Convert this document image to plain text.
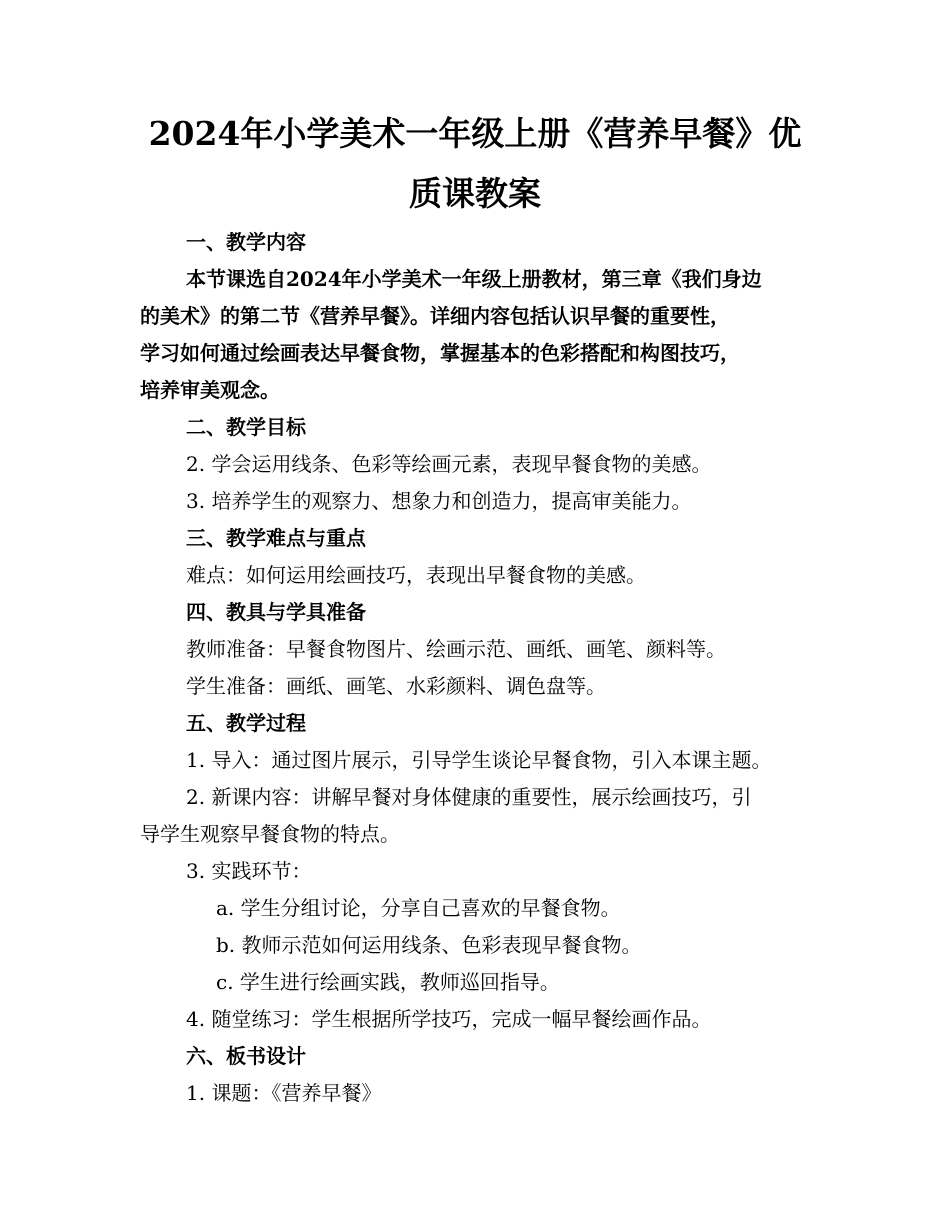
2024年小学美术一年级上册《营养早餐》优
质课教案
一、教学内容
本节课选自2024年小学美术一年级上册教材，第三章《我们身边
的美术》的第二节《营养早餐》。详细内容包括认识早餐的重要性，
学习如何通过绘画表达早餐食物，掌握基本的色彩搭配和构图技巧，
培养审美观念。
二、教学目标
2. 学会运用线条、色彩等绘画元素，表现早餐食物的美感。
3. 培养学生的观察力、想象力和创造力，提高审美能力。
三、教学难点与重点
难点：如何运用绘画技巧，表现出早餐食物的美感。
四、教具与学具准备
教师准备：早餐食物图片、绘画示范、画纸、画笔、颜料等。
学生准备：画纸、画笔、水彩颜料、调色盘等。
五、教学过程
1. 导入：通过图片展示，引导学生谈论早餐食物，引入本课主题。
2. 新课内容：讲解早餐对身体健康的重要性，展示绘画技巧，引
导学生观察早餐食物的特点。
3. 实践环节：
a. 学生分组讨论，分享自己喜欢的早餐食物。
b. 教师示范如何运用线条、色彩表现早餐食物。
c. 学生进行绘画实践，教师巡回指导。
4. 随堂练习：学生根据所学技巧，完成一幅早餐绘画作品。
六、板书设计
1. 课题：《营养早餐》
